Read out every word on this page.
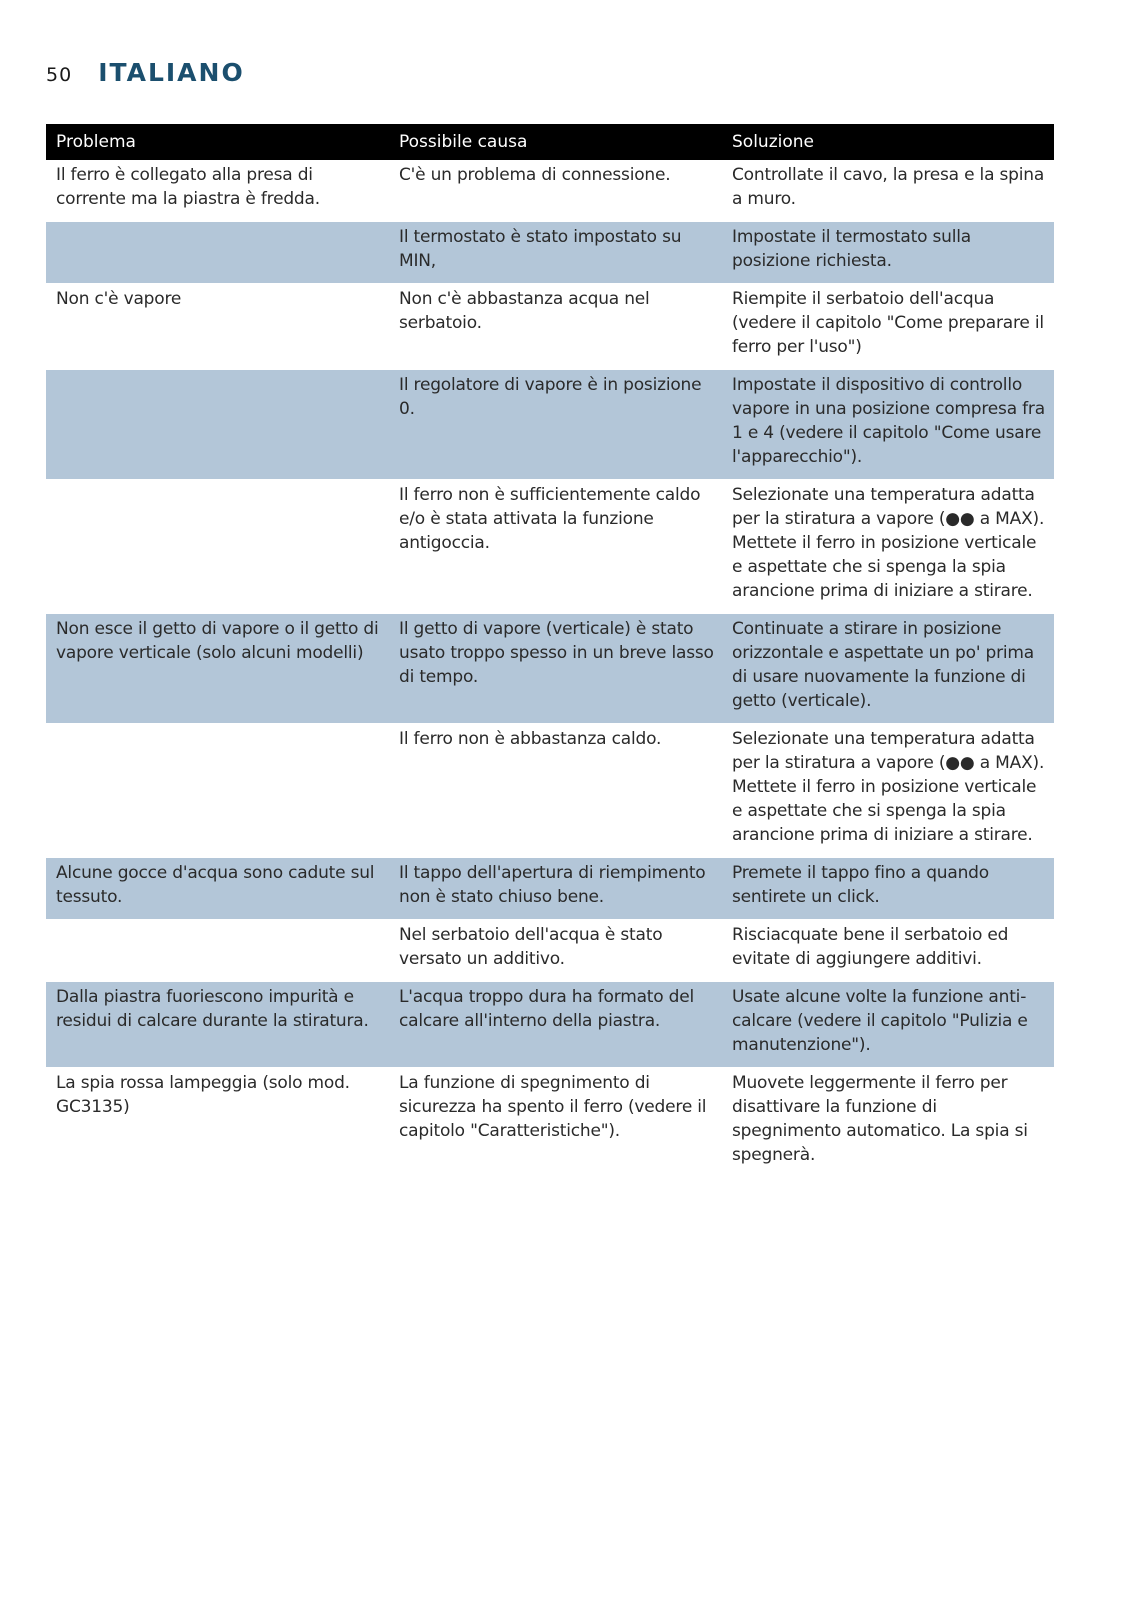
50 ITALIANO
Problema	Possibile causa	Soluzione
Il ferro è collegato alla presa di corrente ma la piastra è fredda.	C'è un problema di connessione.	Controllate il cavo, la presa e la spina a muro.
	Il termostato è stato impostato su MIN,	Impostate il termostato sulla posizione richiesta.
Non c'è vapore	Non c'è abbastanza acqua nel serbatoio.	Riempite il serbatoio dell'acqua (vedere il capitolo "Come preparare il ferro per l'uso")
	Il regolatore di vapore è in posizione 0.	Impostate il dispositivo di controllo vapore in una posizione compresa fra 1 e 4 (vedere il capitolo "Come usare l'apparecchio").
	Il ferro non è sufficientemente caldo e/o è stata attivata la funzione antigoccia.	Selezionate una temperatura adatta per la stiratura a vapore (●● a MAX). Mettete il ferro in posizione verticale e aspettate che si spenga la spia arancione prima di iniziare a stirare.
Non esce il getto di vapore o il getto di vapore verticale (solo alcuni modelli)	Il getto di vapore (verticale) è stato usato troppo spesso in un breve lasso di tempo.	Continuate a stirare in posizione orizzontale e aspettate un po' prima di usare nuovamente la funzione di getto (verticale).
	Il ferro non è abbastanza caldo.	Selezionate una temperatura adatta per la stiratura a vapore (●● a MAX). Mettete il ferro in posizione verticale e aspettate che si spenga la spia arancione prima di iniziare a stirare.
Alcune gocce d'acqua sono cadute sul tessuto.	Il tappo dell'apertura di riempimento non è stato chiuso bene.	Premete il tappo fino a quando sentirete un click.
	Nel serbatoio dell'acqua è stato versato un additivo.	Risciacquate bene il serbatoio ed evitate di aggiungere additivi.
Dalla piastra fuoriescono impurità e residui di calcare durante la stiratura.	L'acqua troppo dura ha formato del calcare all'interno della piastra.	Usate alcune volte la funzione anti-calcare (vedere il capitolo "Pulizia e manutenzione").
La spia rossa lampeggia (solo mod. GC3135)	La funzione di spegnimento di sicurezza ha spento il ferro (vedere il capitolo "Caratteristiche").	Muovete leggermente il ferro per disattivare la funzione di spegnimento automatico. La spia si spegnerà.
